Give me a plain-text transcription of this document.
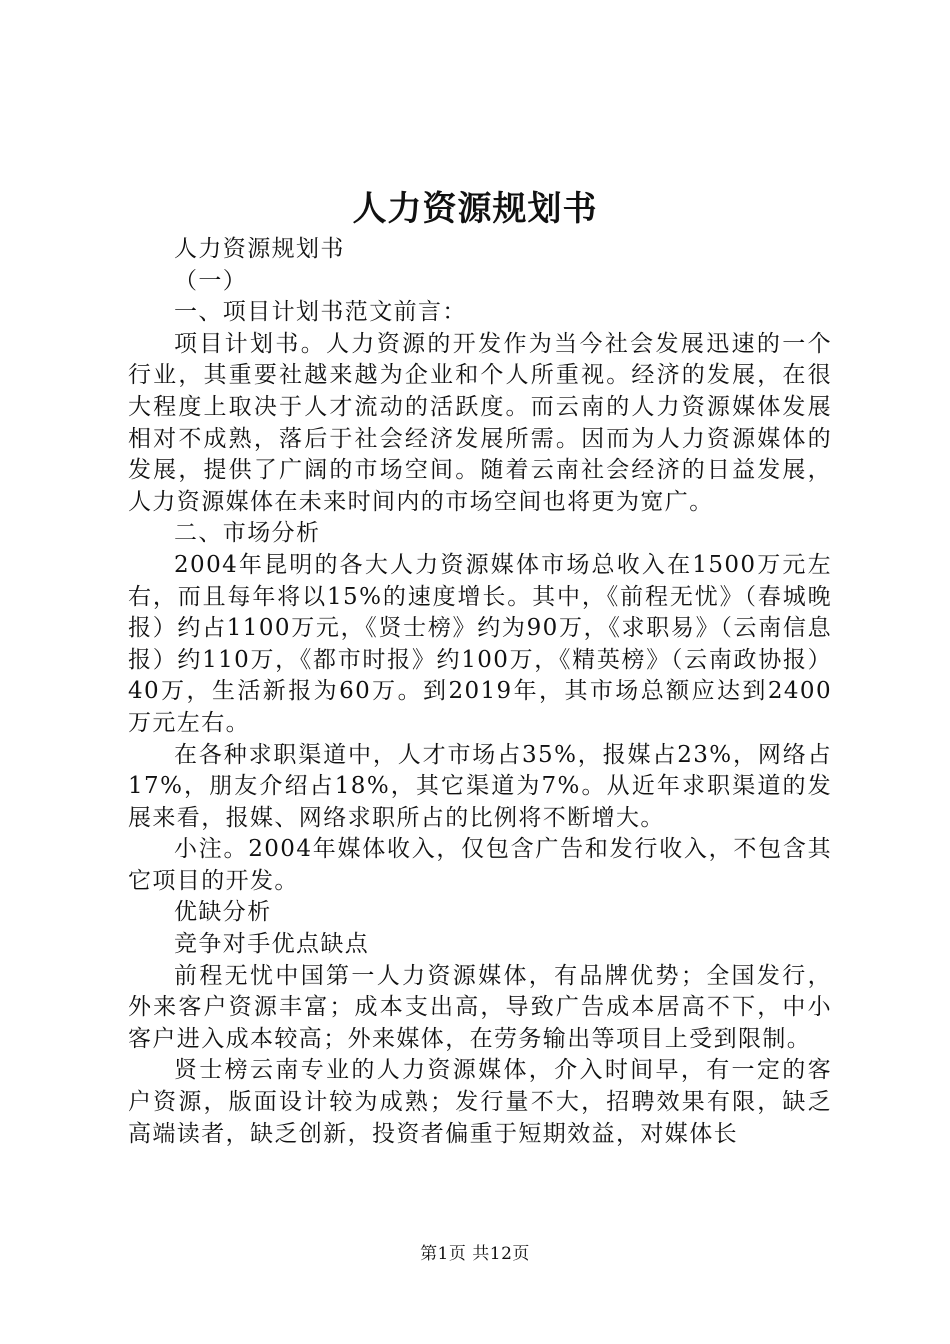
人力资源规划书

人力资源规划书

（一）

一、项目计划书范文前言：

项目计划书。人力资源的开发作为当今社会发展迅速的一个行业，其重要社越来越为企业和个人所重视。经济的发展，在很大程度上取决于人才流动的活跃度。而云南的人力资源媒体发展相对不成熟，落后于社会经济发展所需。因而为人力资源媒体的发展，提供了广阔的市场空间。随着云南社会经济的日益发展，人力资源媒体在未来时间内的市场空间也将更为宽广。

二、市场分析

2004年昆明的各大人力资源媒体市场总收入在1500万元左右，而且每年将以15%的速度增长。其中，《前程无忧》（春城晚报）约占1100万元，《贤士榜》约为90万，《求职易》（云南信息报）约110万，《都市时报》约100万，《精英榜》（云南政协报）40万，生活新报为60万。到2019年，其市场总额应达到2400万元左右。

在各种求职渠道中，人才市场占35%，报媒占23%，网络占17%，朋友介绍占18%，其它渠道为7%。从近年求职渠道的发展来看，报媒、网络求职所占的比例将不断增大。

小注。2004年媒体收入，仅包含广告和发行收入，不包含其它项目的开发。

优缺分析

竞争对手优点缺点

前程无忧中国第一人力资源媒体，有品牌优势；全国发行，外来客户资源丰富；成本支出高，导致广告成本居高不下，中小客户进入成本较高；外来媒体，在劳务输出等项目上受到限制。

贤士榜云南专业的人力资源媒体，介入时间早，有一定的客户资源，版面设计较为成熟；发行量不大，招聘效果有限，缺乏高端读者，缺乏创新，投资者偏重于短期效益，对媒体长

第1页 共12页
